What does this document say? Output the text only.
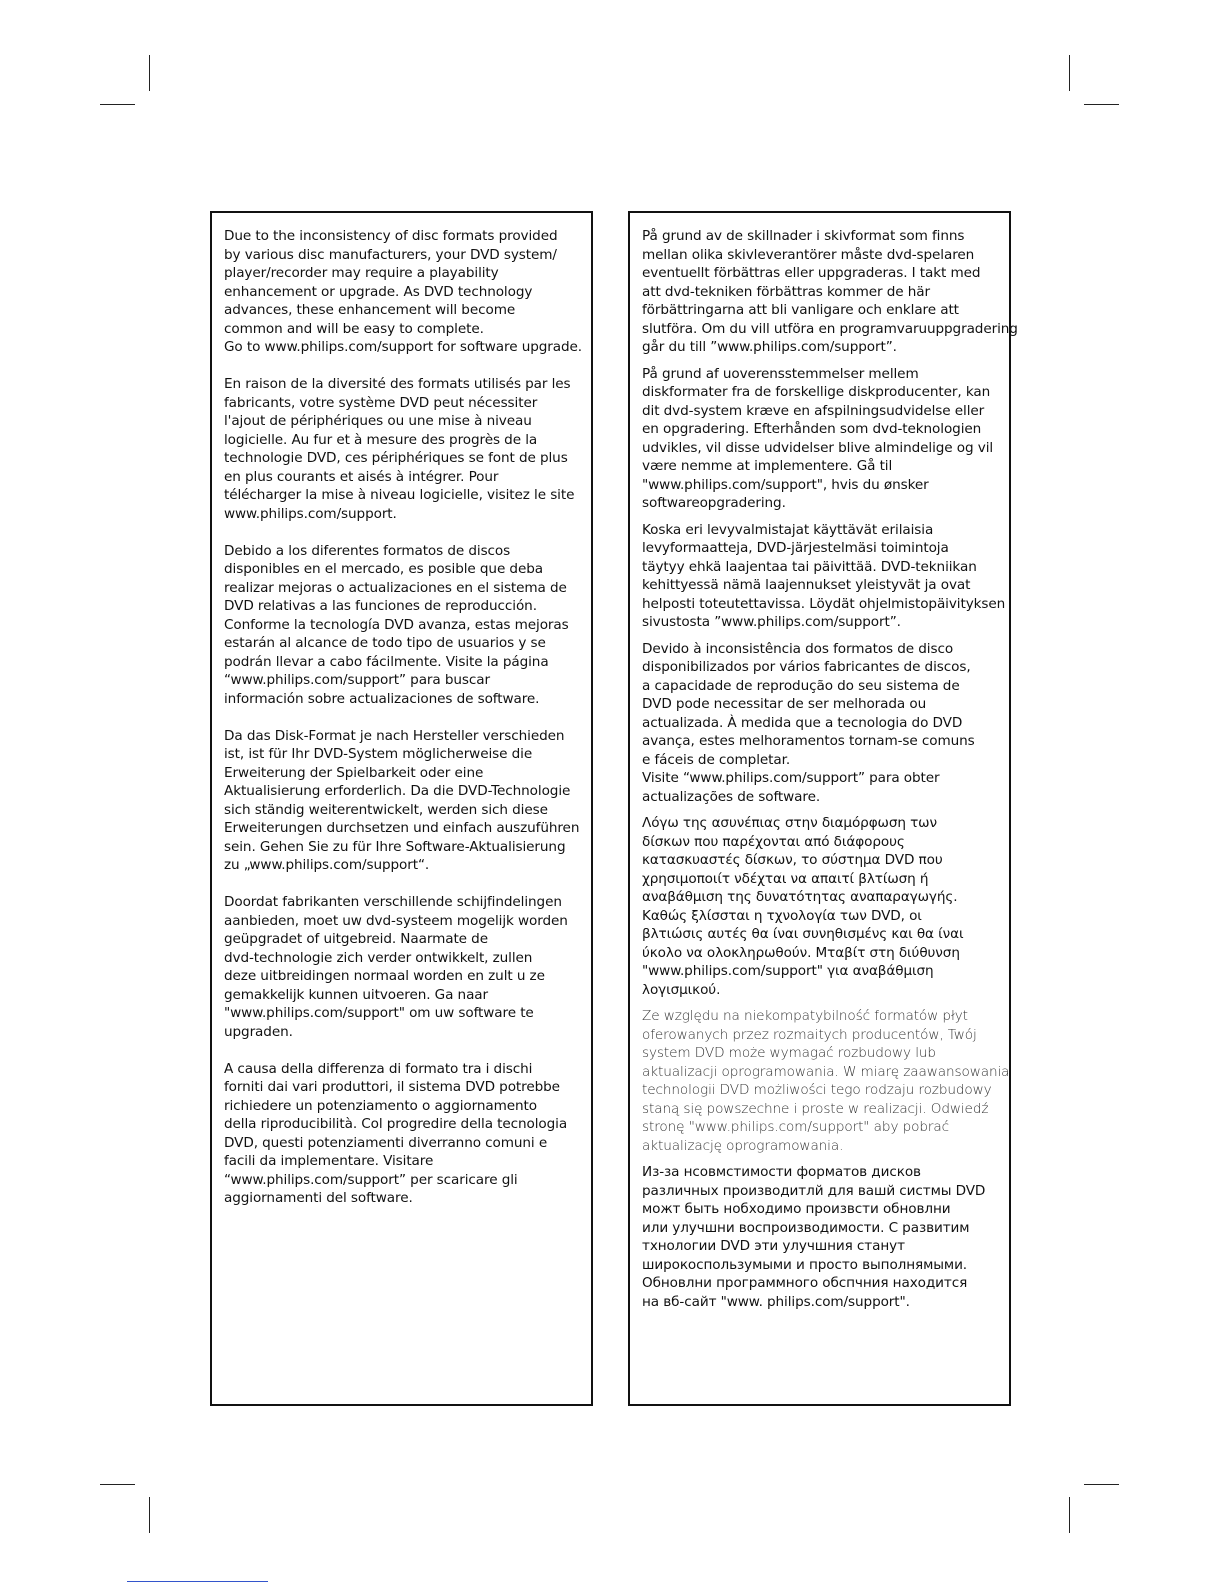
Due to the inconsistency of disc formats provided
by various disc manufacturers, your DVD system/
player/recorder may require a playability
enhancement or upgrade. As DVD technology
advances, these enhancement will become
common and will be easy to complete.
Go to www.philips.com/support for software upgrade.
En raison de la diversité des formats utilisés par les
fabricants, votre système DVD peut nécessiter
l'ajout de périphériques ou une mise à niveau
logicielle. Au fur et à mesure des progrès de la
technologie DVD, ces périphériques se font de plus
en plus courants et aisés à intégrer. Pour
télécharger la mise à niveau logicielle, visitez le site
www.philips.com/support.
Debido a los diferentes formatos de discos
disponibles en el mercado, es posible que deba
realizar mejoras o actualizaciones en el sistema de
DVD relativas a las funciones de reproducción.
Conforme la tecnología DVD avanza, estas mejoras
estarán al alcance de todo tipo de usuarios y se
podrán llevar a cabo fácilmente. Visite la página
“www.philips.com/support” para buscar
información sobre actualizaciones de software.
Da das Disk-Format je nach Hersteller verschieden
ist, ist für Ihr DVD-System möglicherweise die
Erweiterung der Spielbarkeit oder eine
Aktualisierung erforderlich. Da die DVD-Technologie
sich ständig weiterentwickelt, werden sich diese
Erweiterungen durchsetzen und einfach auszuführen
sein. Gehen Sie zu für Ihre Software-Aktualisierung
zu „www.philips.com/support“.
Doordat fabrikanten verschillende schijfindelingen
aanbieden, moet uw dvd-systeem mogelijk worden
geüpgradet of uitgebreid. Naarmate de
dvd-technologie zich verder ontwikkelt, zullen
deze uitbreidingen normaal worden en zult u ze
gemakkelijk kunnen uitvoeren. Ga naar
"www.philips.com/support" om uw software te
upgraden.
A causa della differenza di formato tra i dischi
forniti dai vari produttori, il sistema DVD potrebbe
richiedere un potenziamento o aggiornamento
della riproducibilità. Col progredire della tecnologia
DVD, questi potenziamenti diverranno comuni e
facili da implementare. Visitare
“www.philips.com/support” per scaricare gli
aggiornamenti del software.
På grund av de skillnader i skivformat som finns
mellan olika skivleverantörer måste dvd-spelaren
eventuellt förbättras eller uppgraderas. I takt med
att dvd-tekniken förbättras kommer de här
förbättringarna att bli vanligare och enklare att
slutföra. Om du vill utföra en programvaruuppgradering
går du till ”www.philips.com/support”.
På grund af uoverensstemmelser mellem
diskformater fra de forskellige diskproducenter, kan
dit dvd-system kræve en afspilningsudvidelse eller
en opgradering. Efterhånden som dvd-teknologien
udvikles, vil disse udvidelser blive almindelige og vil
være nemme at implementere. Gå til
"www.philips.com/support", hvis du ønsker
softwareopgradering.
Koska eri levyvalmistajat käyttävät erilaisia
levyformaatteja, DVD-järjestelmäsi toimintoja
täytyy ehkä laajentaa tai päivittää. DVD-tekniikan
kehittyessä nämä laajennukset yleistyvät ja ovat
helposti toteutettavissa. Löydät ohjelmistopäivityksen
sivustosta ”www.philips.com/support”.
Devido à inconsistência dos formatos de disco
disponibilizados por vários fabricantes de discos,
a capacidade de reprodução do seu sistema de
DVD pode necessitar de ser melhorada ou
actualizada. À medida que a tecnologia do DVD
avança, estes melhoramentos tornam-se comuns
e fáceis de completar.
Visite “www.philips.com/support” para obter
actualizações de software.
Λόγω της ασυνέπιας στην διαμόρφωση των
δίσκων που παρέχονται από διάφορους
κατασκυαστές δίσκων, το σύστημα DVD που
χρησιμοποιίτ νδέχται να απαιτί βλτίωση ή
αναβάθμιση της δυνατότητας αναπαραγωγής.
Καθώς ξλίσσται η τχνολογία των DVD, οι
βλτιώσις αυτές θα ίναι συνηθισμένς και θα ίναι
ύκολο να ολοκληρωθούν. Μταβίτ στη διύθυνση
"www.philips.com/support" για αναβάθμιση
λογισμικού.
Ze względu na niekompatybilność formatów płyt
oferowanych przez rozmaitych producentów, Twój
system DVD może wymagać rozbudowy lub
aktualizacji oprogramowania. W miarę zaawansowania
technologii DVD możliwości tego rodzaju rozbudowy
staną się powszechne i proste w realizacji. Odwiedź
stronę "www.philips.com/support" aby pobrać
aktualizację oprogramowania.
Из-за нсовмстимости форматов дисков
различных производитлй для вашй систмы DVD
можт быть нобходимо произвсти обновлни
или улучшни воспроизводимости. С развитим
тхнологии DVD эти улучшния станут
широкоспользумыми и просто выполнямыми.
Обновлни программного обспчния находится
на вб-сайт "www. philips.com/support".
